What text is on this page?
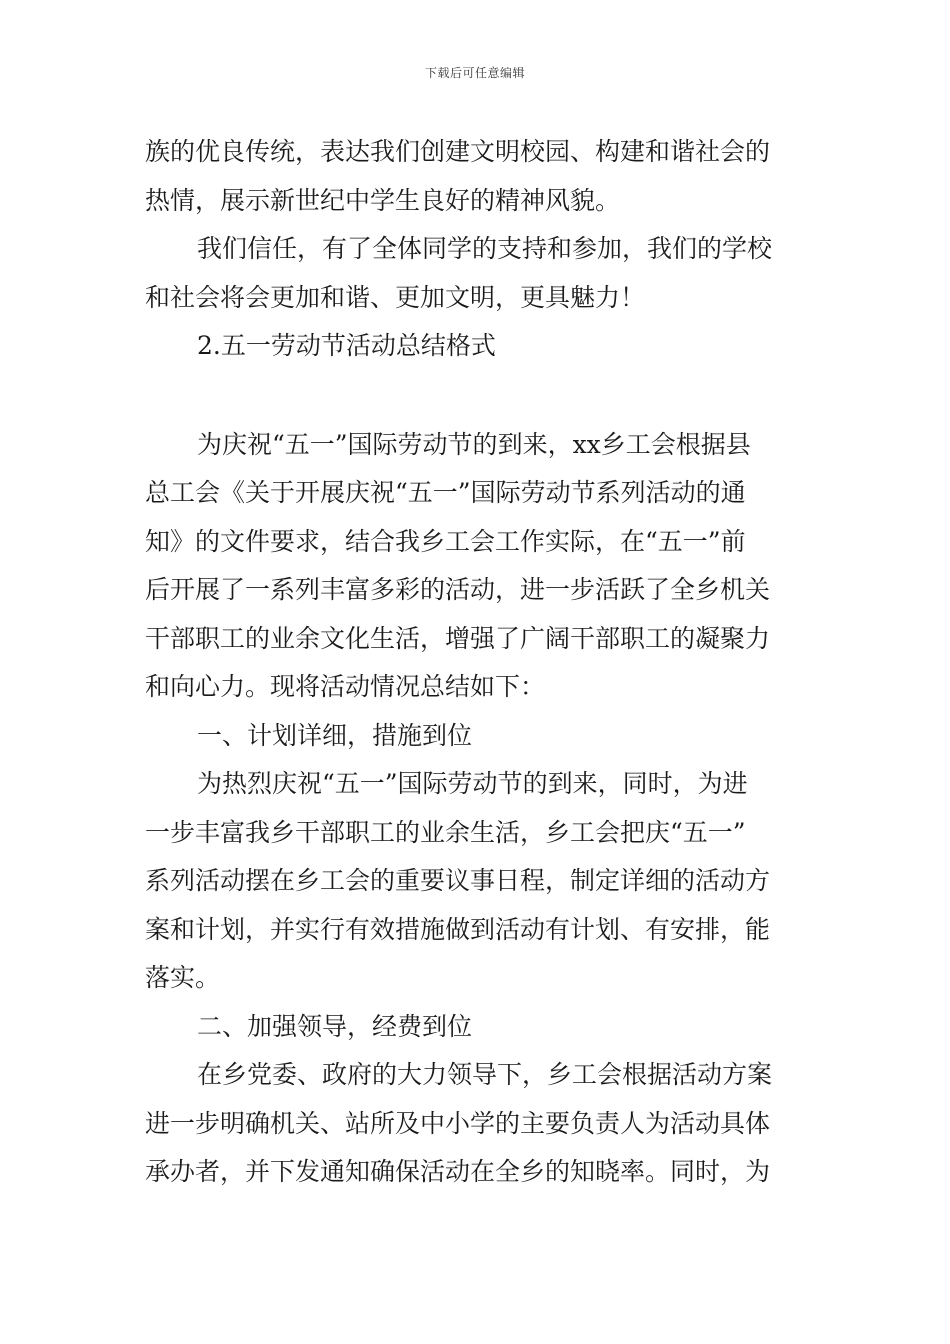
下载后可任意编辑
族的优良传统，表达我们创建文明校园、构建和谐社会的
热情，展示新世纪中学生良好的精神风貌。
我们信任，有了全体同学的支持和参加，我们的学校
和社会将会更加和谐、更加文明，更具魅力！
2.五一劳动节活动总结格式
为庆祝“五一”国际劳动节的到来，xx乡工会根据县
总工会《关于开展庆祝“五一”国际劳动节系列活动的通
知》的文件要求，结合我乡工会工作实际，在“五一”前
后开展了一系列丰富多彩的活动，进一步活跃了全乡机关
干部职工的业余文化生活，增强了广阔干部职工的凝聚力
和向心力。现将活动情况总结如下：
一、计划详细，措施到位
为热烈庆祝“五一”国际劳动节的到来，同时，为进
一步丰富我乡干部职工的业余生活，乡工会把庆“五一”
系列活动摆在乡工会的重要议事日程，制定详细的活动方
案和计划，并实行有效措施做到活动有计划、有安排，能
落实。
二、加强领导，经费到位
在乡党委、政府的大力领导下，乡工会根据活动方案
进一步明确机关、站所及中小学的主要负责人为活动具体
承办者，并下发通知确保活动在全乡的知晓率。同时，为
